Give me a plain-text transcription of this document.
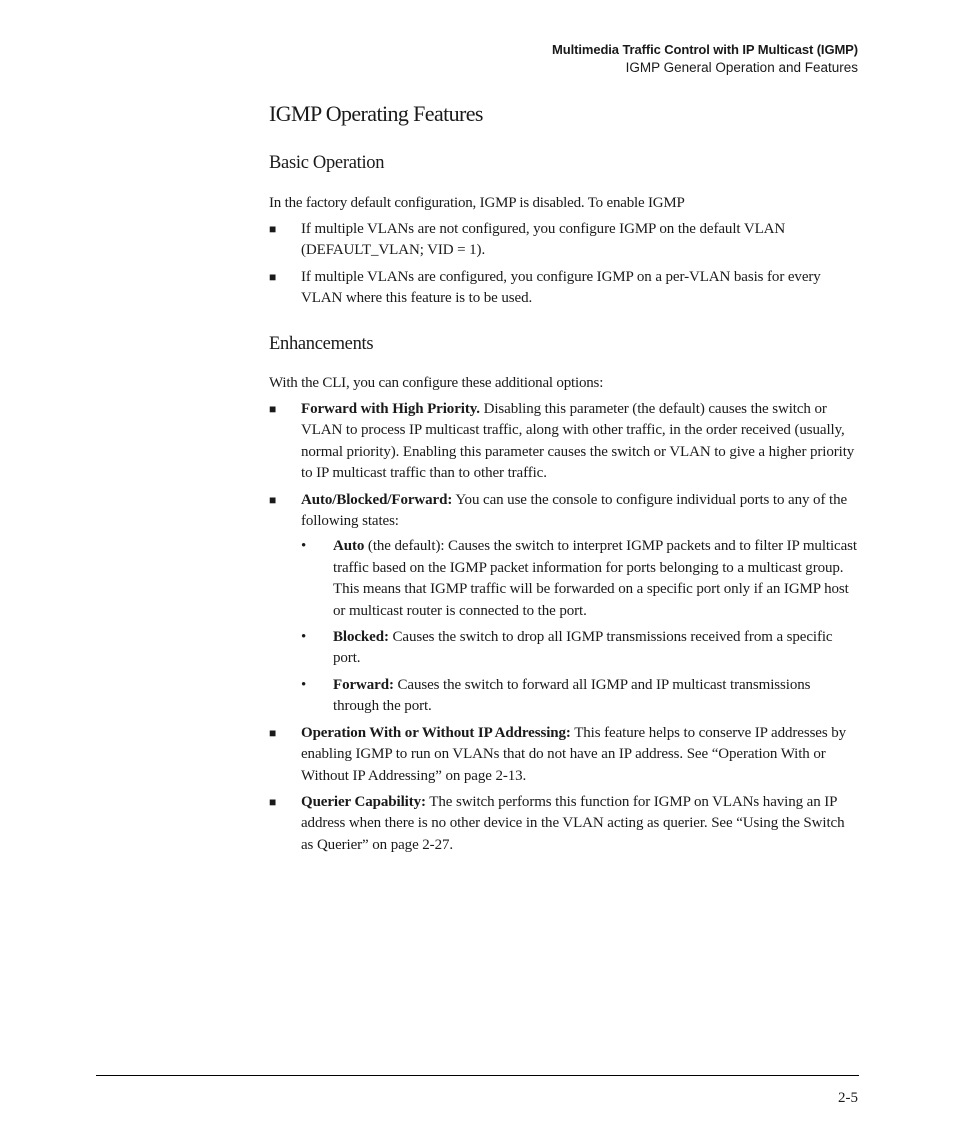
Multimedia Traffic Control with IP Multicast (IGMP)
IGMP General Operation and Features
IGMP Operating Features
Basic Operation
In the factory default configuration, IGMP is disabled. To enable IGMP
■	If multiple VLANs are not configured, you configure IGMP on the default VLAN (DEFAULT_VLAN; VID = 1).
■	If multiple VLANs are configured, you configure IGMP on a per-VLAN basis for every VLAN where this feature is to be used.
Enhancements
With the CLI, you can configure these additional options:
■	Forward with High Priority. Disabling this parameter (the default) causes the switch or VLAN to process IP multicast traffic, along with other traffic, in the order received (usually, normal priority). Enabling this parameter causes the switch or VLAN to give a higher priority to IP multicast traffic than to other traffic.
■	Auto/Blocked/Forward: You can use the console to configure individual ports to any of the following states:
• Auto (the default): Causes the switch to interpret IGMP packets and to filter IP multicast traffic based on the IGMP packet information for ports belonging to a multicast group. This means that IGMP traffic will be forwarded on a specific port only if an IGMP host or multicast router is connected to the port.
• Blocked: Causes the switch to drop all IGMP transmissions received from a specific port.
• Forward: Causes the switch to forward all IGMP and IP multicast transmissions through the port.
■	Operation With or Without IP Addressing: This feature helps to conserve IP addresses by enabling IGMP to run on VLANs that do not have an IP address. See “Operation With or Without IP Addressing” on page 2-13.
■	Querier Capability: The switch performs this function for IGMP on VLANs having an IP address when there is no other device in the VLAN acting as querier. See “Using the Switch as Querier” on page 2-27.
2-5
